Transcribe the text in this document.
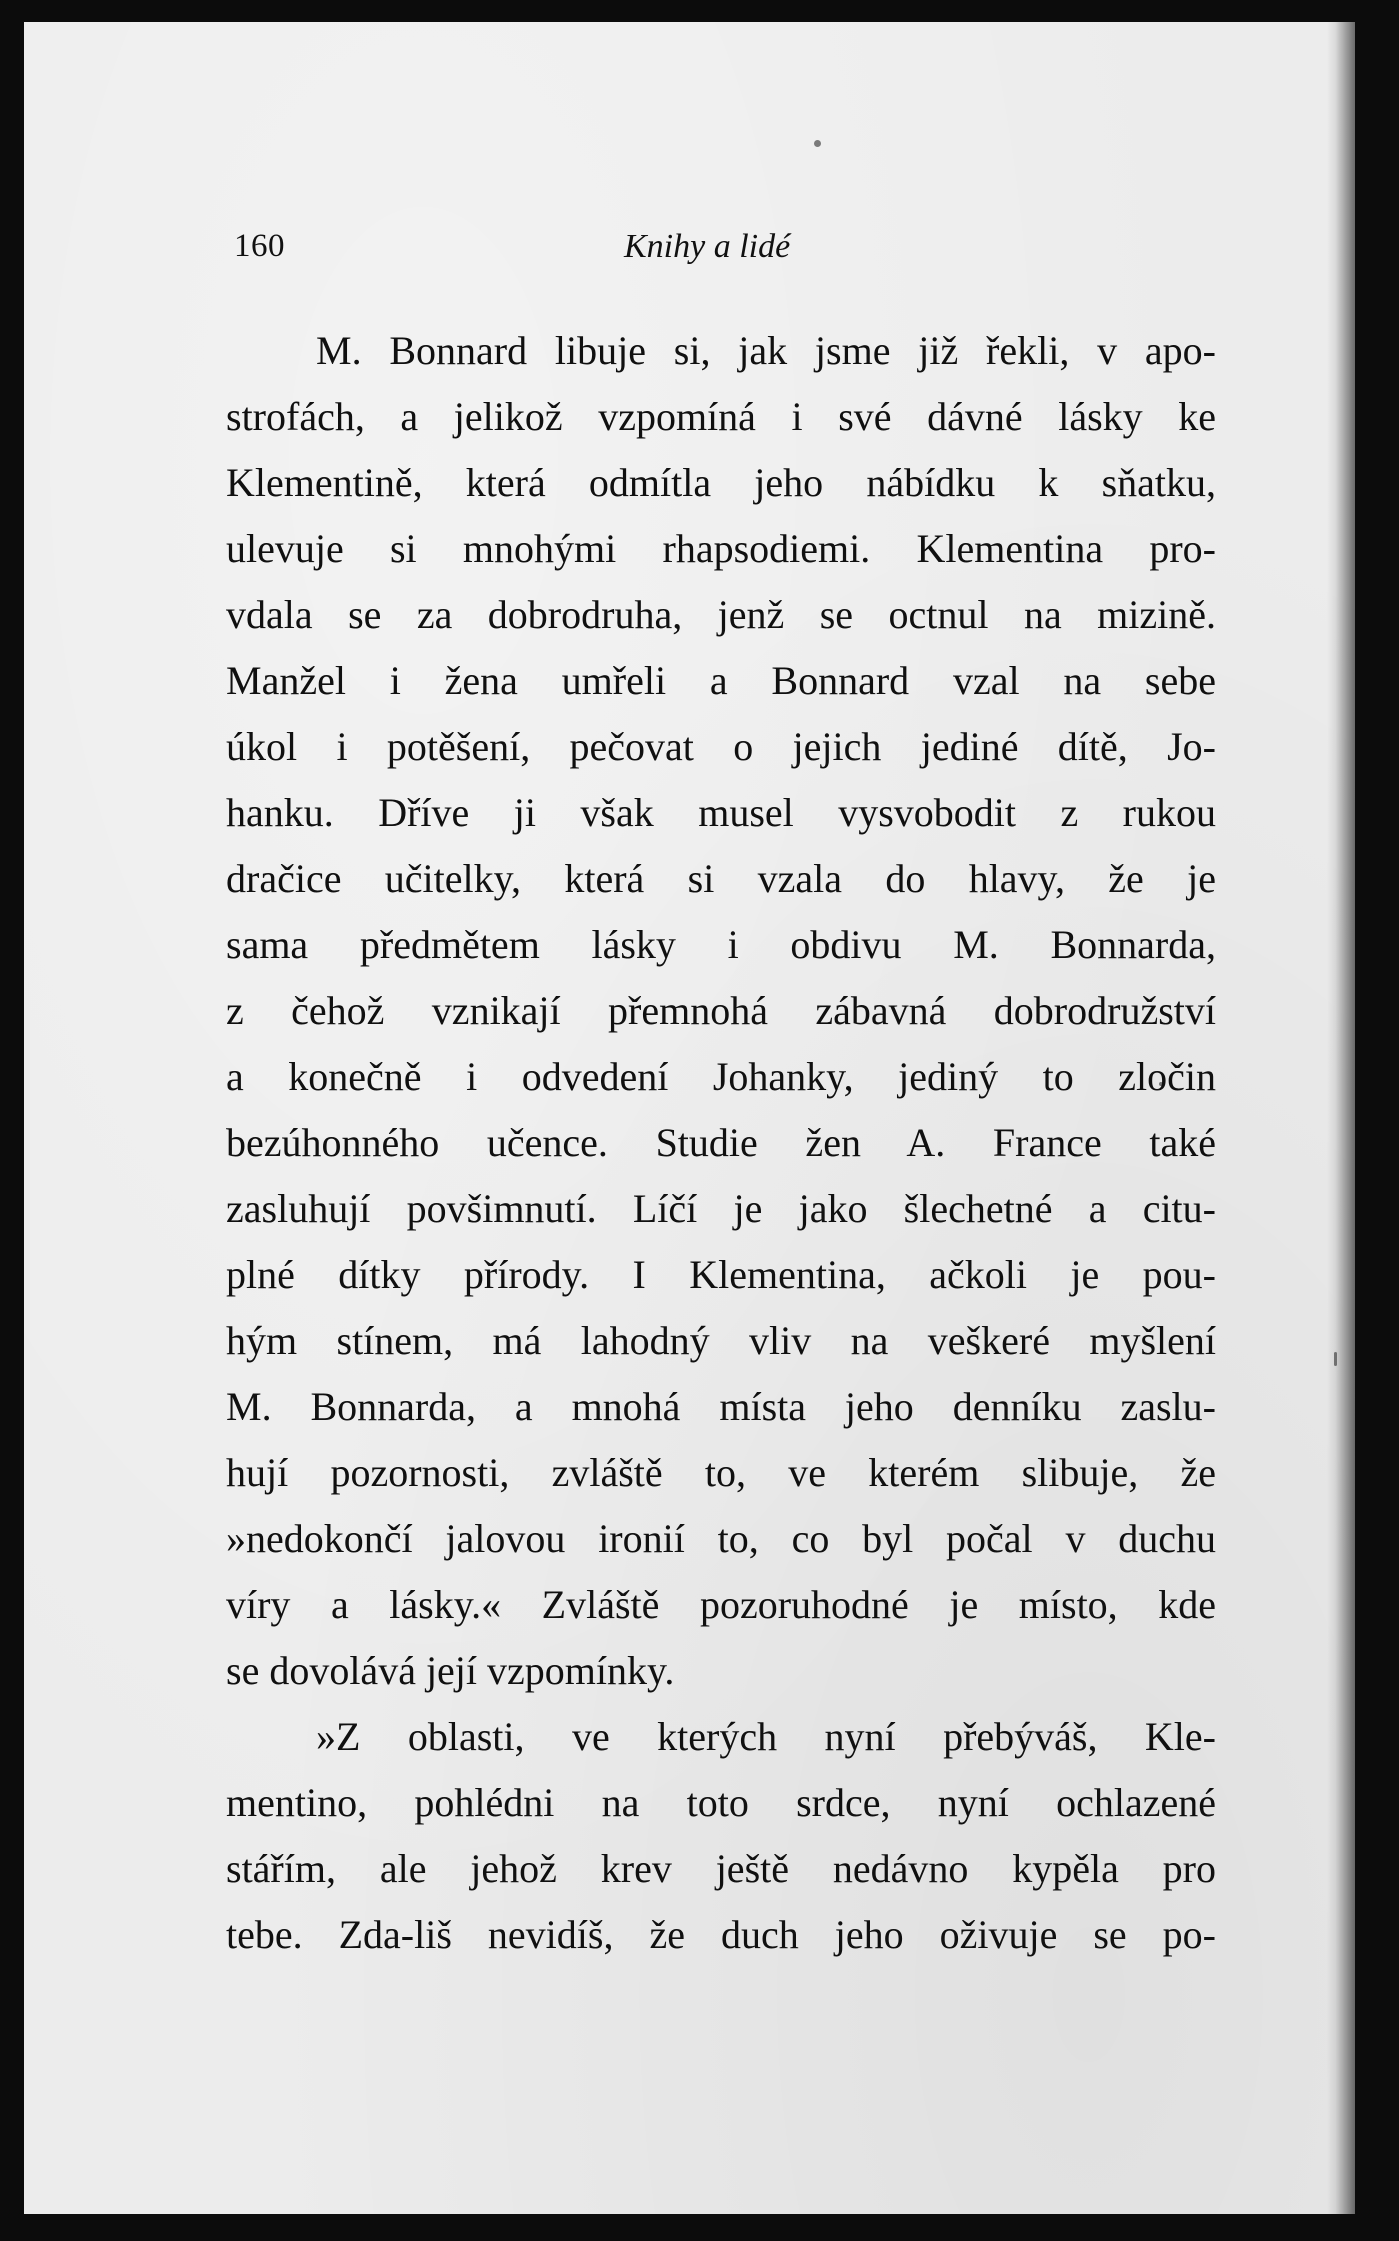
160	Knihy a lidé
M. Bonnard libuje si, jak jsme již řekli, v apo-
strofách, a jelikož vzpomíná i své dávné lásky ke
Klementině, která odmítla jeho nábídku k sňatku,
ulevuje si mnohými rhapsodiemi. Klementina pro-
vdala se za dobrodruha, jenž se octnul na mizině.
Manžel i žena umřeli a Bonnard vzal na sebe
úkol i potěšení, pečovat o jejich jediné dítě, Jo-
hanku. Dříve ji však musel vysvobodit z rukou
dračice učitelky, která si vzala do hlavy, že je
sama předmětem lásky i obdivu M. Bonnarda,
z čehož vznikají přemnohá zábavná dobrodružství
a konečně i odvedení Johanky, jediný to zločin
bezúhonného učence. Studie žen A. France také
zasluhují povšimnutí. Líčí je jako šlechetné a citu-
plné dítky přírody. I Klementina, ačkoli je pou-
hým stínem, má lahodný vliv na veškeré myšlení
M. Bonnarda, a mnohá místa jeho denníku zaslu-
hují pozornosti, zvláště to, ve kterém slibuje, že
»nedokončí jalovou ironií to, co byl počal v duchu
víry a lásky.« Zvláště pozoruhodné je místo, kde
se dovolává její vzpomínky.
»Z oblasti, ve kterých nyní přebýváš, Kle-
mentino, pohlédni na toto srdce, nyní ochlazené
stářím, ale jehož krev ještě nedávno kypěla pro
tebe. Zda-liš nevidíš, že duch jeho oživuje se po-
